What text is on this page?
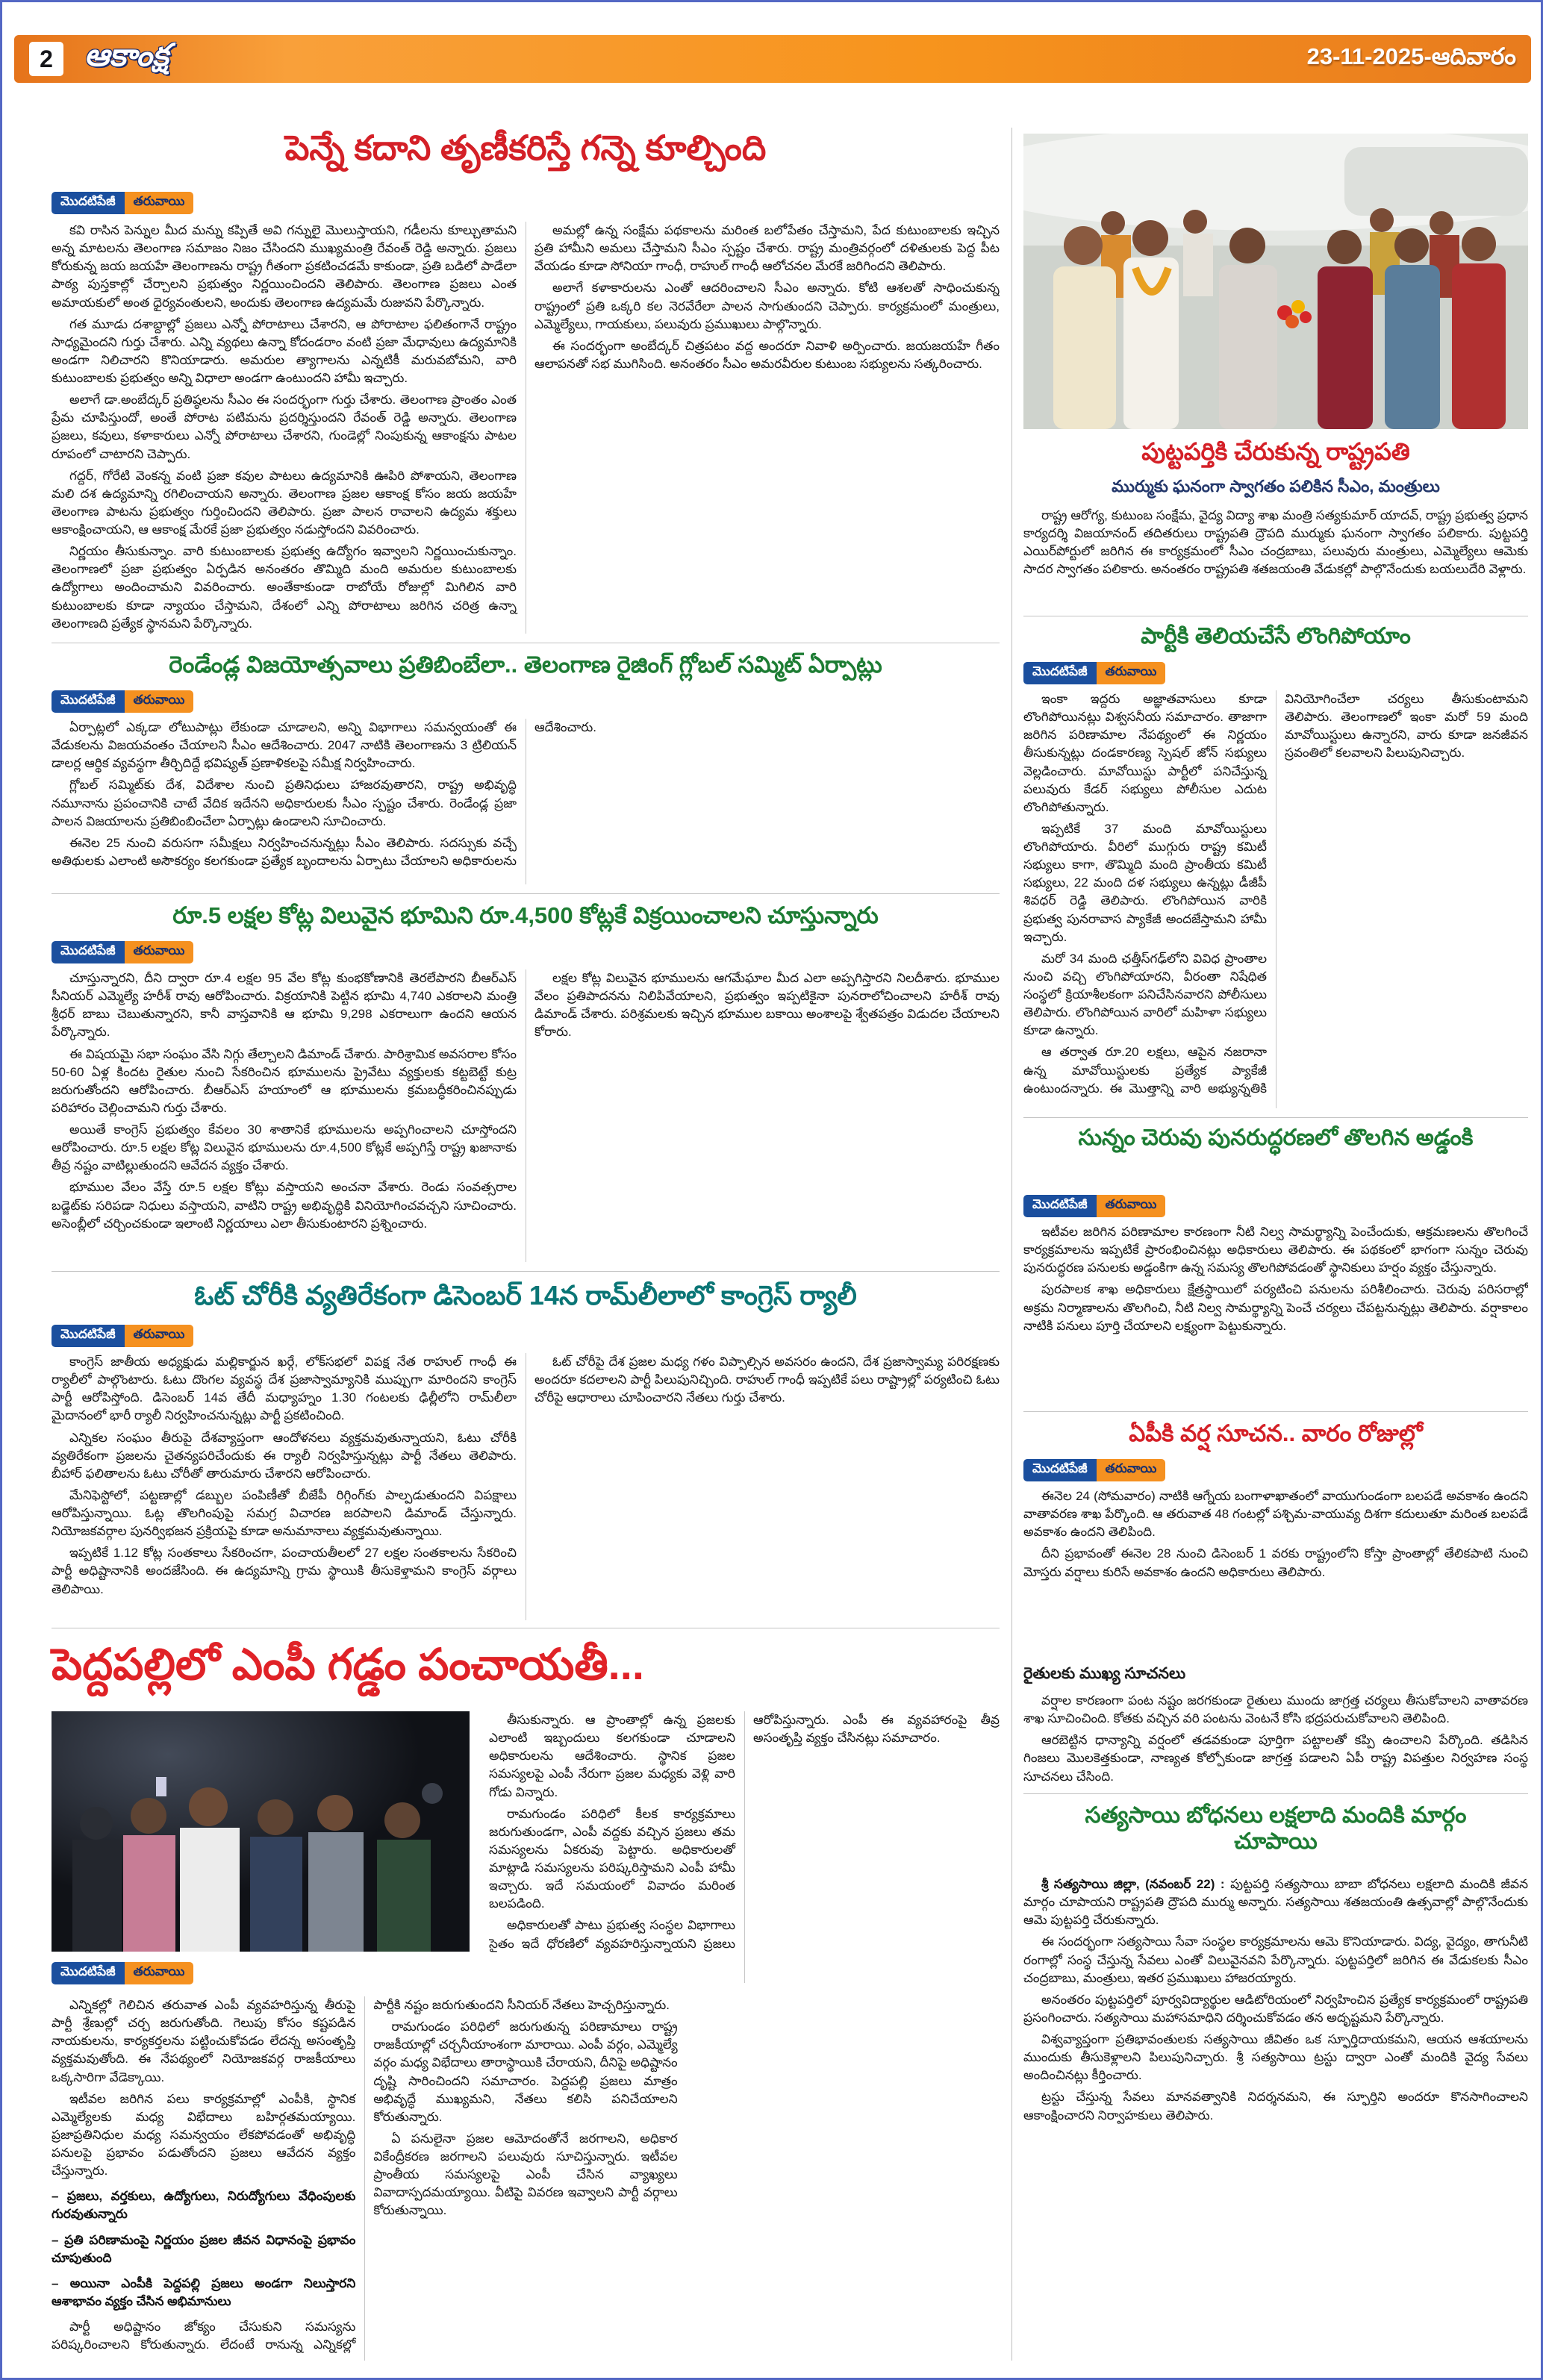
2	ఆకాంక్ష	23-11-2025-ఆదివారం
పెన్నే కదాని తృణీకరిస్తే గన్నె కూల్చింది
మొదటిపేజీ	తరువాయి

కవి రాసిన పెన్నుల మీద మన్ను కప్పితే అవి గన్నులై మొలుస్తాయని, గడీలను కూల్చుతామని అన్న మాటలను తెలంగాణ సమాజం నిజం చేసిందని ముఖ్యమంత్రి రేవంత్ రెడ్డి అన్నారు. ప్రజలు కోరుకున్న జయ జయహే తెలంగాణను రాష్ట్ర గీతంగా ప్రకటించడమే కాకుండా, ప్రతి బడిలో పాడేలా పాఠ్య పుస్తకాల్లో చేర్చాలని ప్రభుత్వం నిర్ణయించిందని తెలిపారు. తెలంగాణ ప్రజలు ఎంత అమాయకులో అంత ధైర్యవంతులని, అందుకు తెలంగాణ ఉద్యమమే రుజువని పేర్కొన్నారు.

గత మూడు దశాబ్దాల్లో ప్రజలు ఎన్నో పోరాటాలు చేశారని, ఆ పోరాటాల ఫలితంగానే రాష్ట్రం సాధ్యమైందని గుర్తు చేశారు. ఎన్ని వ్యథలు ఉన్నా కోదండరాం వంటి ప్రజా మేధావులు ఉద్యమానికి అండగా నిలిచారని కొనియాడారు. అమరుల త్యాగాలను ఎన్నటికీ మరువబోమని, వారి కుటుంబాలకు ప్రభుత్వం అన్ని విధాలా అండగా ఉంటుందని హామీ ఇచ్చారు.

అలాగే డా.అంబేద్కర్ ప్రతిష్ఠలను సీఎం ఈ సందర్భంగా గుర్తు చేశారు. తెలంగాణ ప్రాంతం ఎంత ప్రేమ చూపిస్తుందో, అంతే పోరాట పటిమను ప్రదర్శిస్తుందని రేవంత్ రెడ్డి అన్నారు. తెలంగాణ ప్రజలు, కవులు, కళాకారులు ఎన్నో పోరాటాలు చేశారని, గుండెల్లో నింపుకున్న ఆకాంక్షను పాటల రూపంలో చాటారని చెప్పారు.

గద్దర్, గోరేటి వెంకన్న వంటి ప్రజా కవుల పాటలు ఉద్యమానికి ఊపిరి పోశాయని, తెలంగాణ మలి దశ ఉద్యమాన్ని రగిలించాయని అన్నారు. తెలంగాణ ప్రజల ఆకాంక్ష కోసం జయ జయహే తెలంగాణ పాటను ప్రభుత్వం గుర్తించిందని తెలిపారు. ప్రజా పాలన రావాలని ఉద్యమ శక్తులు ఆకాంక్షించాయని, ఆ ఆకాంక్ష మేరకే ప్రజా ప్రభుత్వం నడుస్తోందని వివరించారు.

నిర్ణయం తీసుకున్నాం. వారి కుటుంబాలకు ప్రభుత్వ ఉద్యోగం ఇవ్వాలని నిర్ణయించుకున్నాం. తెలంగాణలో ప్రజా ప్రభుత్వం ఏర్పడిన అనంతరం తొమ్మిది మంది అమరుల కుటుంబాలకు ఉద్యోగాలు అందించామని వివరించారు. అంతేకాకుండా రాబోయే రోజుల్లో మిగిలిన వారి కుటుంబాలకు కూడా న్యాయం చేస్తామని, దేశంలో ఎన్ని పోరాటాలు జరిగిన చరిత్ర ఉన్నా తెలంగాణది ప్రత్యేక స్థానమని పేర్కొన్నారు.

అమల్లో ఉన్న సంక్షేమ పథకాలను మరింత బలోపేతం చేస్తామని, పేద కుటుంబాలకు ఇచ్చిన ప్రతి హామీని అమలు చేస్తామని సీఎం స్పష్టం చేశారు. రాష్ట్ర మంత్రివర్గంలో దళితులకు పెద్ద పీట వేయడం కూడా సోనియా గాంధీ, రాహుల్ గాంధీ ఆలోచనల మేరకే జరిగిందని తెలిపారు.

అలాగే కళాకారులను ఎంతో ఆదరించాలని సీఎం అన్నారు. కోటి ఆశలతో సాధించుకున్న రాష్ట్రంలో ప్రతి ఒక్కరి కల నెరవేరేలా పాలన సాగుతుందని చెప్పారు. కార్యక్రమంలో మంత్రులు, ఎమ్మెల్యేలు, గాయకులు, పలువురు ప్రముఖులు పాల్గొన్నారు.

ఈ సందర్భంగా అంబేద్కర్ చిత్రపటం వద్ద అందరూ నివాళి అర్పించారు. జయజయహే గీతం ఆలాపనతో సభ ముగిసింది. అనంతరం సీఎం అమరవీరుల కుటుంబ సభ్యులను సత్కరించారు.

రెండేండ్ల విజయోత్సవాలు ప్రతిబింబేలా.. తెలంగాణ రైజింగ్ గ్లోబల్ సమ్మిట్ ఏర్పాట్లు
మొదటిపేజీ	తరువాయి

ఏర్పాట్లలో ఎక్కడా లోటుపాట్లు లేకుండా చూడాలని, అన్ని విభాగాలు సమన్వయంతో ఈ వేడుకలను విజయవంతం చేయాలని సీఎం ఆదేశించారు. 2047 నాటికి తెలంగాణను 3 ట్రిలియన్ డాలర్ల ఆర్థిక వ్యవస్థగా తీర్చిదిద్దే భవిష్యత్ ప్రణాళికలపై సమీక్ష నిర్వహించారు.

గ్లోబల్ సమ్మిట్‌కు దేశ, విదేశాల నుంచి ప్రతినిధులు హాజరవుతారని, రాష్ట్ర అభివృద్ధి నమూనాను ప్రపంచానికి చాటే వేదిక ఇదేనని అధికారులకు సీఎం స్పష్టం చేశారు. రెండేండ్ల ప్రజా పాలన విజయాలను ప్రతిబింబించేలా ఏర్పాట్లు ఉండాలని సూచించారు.

ఈనెల 25 నుంచి వరుసగా సమీక్షలు నిర్వహించనున్నట్లు సీఎం తెలిపారు. సదస్సుకు వచ్చే అతిథులకు ఎలాంటి అసౌకర్యం కలగకుండా ప్రత్యేక బృందాలను ఏర్పాటు చేయాలని అధికారులను ఆదేశించారు.

రూ.5 లక్షల కోట్ల విలువైన భూమిని రూ.4,500 కోట్లకే విక్రయించాలని చూస్తున్నారు
మొదటిపేజీ	తరువాయి

చూస్తున్నారని, దీని ద్వారా రూ.4 లక్షల 95 వేల కోట్ల కుంభకోణానికి తెరలేపారని బీఆర్ఎస్ సీనియర్ ఎమ్మెల్యే హరీశ్ రావు ఆరోపించారు. విక్రయానికి పెట్టిన భూమి 4,740 ఎకరాలని మంత్రి శ్రీధర్ బాబు చెబుతున్నారని, కానీ వాస్తవానికి ఆ భూమి 9,298 ఎకరాలుగా ఉందని ఆయన పేర్కొన్నారు.

ఈ విషయమై సభా సంఘం వేసి నిగ్గు తేల్చాలని డిమాండ్ చేశారు. పారిశ్రామిక అవసరాల కోసం 50-60 ఏళ్ల కిందట రైతుల నుంచి సేకరించిన భూములను ప్రైవేటు వ్యక్తులకు కట్టబెట్టే కుట్ర జరుగుతోందని ఆరోపించారు. బీఆర్ఎస్ హయాంలో ఆ భూములను క్రమబద్ధీకరించినప్పుడు పరిహారం చెల్లించామని గుర్తు చేశారు.

అయితే కాంగ్రెస్ ప్రభుత్వం కేవలం 30 శాతానికే భూములను అప్పగించాలని చూస్తోందని ఆరోపించారు. రూ.5 లక్షల కోట్ల విలువైన భూములను రూ.4,500 కోట్లకే అప్పగిస్తే రాష్ట్ర ఖజానాకు తీవ్ర నష్టం వాటిల్లుతుందని ఆవేదన వ్యక్తం చేశారు.

భూముల వేలం వేస్తే రూ.5 లక్షల కోట్లు వస్తాయని అంచనా వేశారు. రెండు సంవత్సరాల బడ్జెట్‌కు సరిపడా నిధులు వస్తాయని, వాటిని రాష్ట్ర అభివృద్ధికి వినియోగించవచ్చని సూచించారు. అసెంబ్లీలో చర్చించకుండా ఇలాంటి నిర్ణయాలు ఎలా తీసుకుంటారని ప్రశ్నించారు.

లక్షల కోట్ల విలువైన భూములను ఆగమేఘాల మీద ఎలా అప్పగిస్తారని నిలదీశారు. భూముల వేలం ప్రతిపాదనను నిలిపివేయాలని, ప్రభుత్వం ఇప్పటికైనా పునరాలోచించాలని హరీశ్ రావు డిమాండ్ చేశారు. పరిశ్రమలకు ఇచ్చిన భూముల బకాయి అంశాలపై శ్వేతపత్రం విడుదల చేయాలని కోరారు.

ఓట్ చోరీకి వ్యతిరేకంగా డిసెంబర్ 14న రామ్‌లీలాలో కాంగ్రెస్ ర్యాలీ
మొదటిపేజీ	తరువాయి

కాంగ్రెస్ జాతీయ అధ్యక్షుడు మల్లికార్జున ఖర్గే, లోక్‌సభలో విపక్ష నేత రాహుల్ గాంధీ ఈ ర్యాలీలో పాల్గొంటారు. ఓటు దొంగల వ్యవస్థ దేశ ప్రజాస్వామ్యానికి ముప్పుగా మారిందని కాంగ్రెస్ పార్టీ ఆరోపిస్తోంది. డిసెంబర్ 14వ తేదీ మధ్యాహ్నం 1.30 గంటలకు ఢిల్లీలోని రామ్‌లీలా మైదానంలో భారీ ర్యాలీ నిర్వహించనున్నట్లు పార్టీ ప్రకటించింది.

ఎన్నికల సంఘం తీరుపై దేశవ్యాప్తంగా ఆందోళనలు వ్యక్తమవుతున్నాయని, ఓటు చోరీకి వ్యతిరేకంగా ప్రజలను చైతన్యపరిచేందుకు ఈ ర్యాలీ నిర్వహిస్తున్నట్లు పార్టీ నేతలు తెలిపారు. బీహార్ ఫలితాలను ఓటు చోరీతో తారుమారు చేశారని ఆరోపించారు.

మేనిఫెస్టోలో, పట్టణాల్లో డబ్బుల పంపిణీతో బీజేపీ రిగ్గింగ్‌కు పాల్పడుతుందని విపక్షాలు ఆరోపిస్తున్నాయి. ఓట్ల తొలగింపుపై సమగ్ర విచారణ జరపాలని డిమాండ్ చేస్తున్నారు. నియోజకవర్గాల పునర్విభజన ప్రక్రియపై కూడా అనుమానాలు వ్యక్తమవుతున్నాయి.

ఇప్పటికే 1.12 కోట్ల సంతకాలు సేకరించగా, పంచాయతీలలో 27 లక్షల సంతకాలను సేకరించి పార్టీ అధిష్టానానికి అందజేసింది. ఈ ఉద్యమాన్ని గ్రామ స్థాయికి తీసుకెళ్తామని కాంగ్రెస్ వర్గాలు తెలిపాయి.

ఓట్ చోరీపై దేశ ప్రజల మధ్య గళం విప్పాల్సిన అవసరం ఉందని, దేశ ప్రజాస్వామ్య పరిరక్షణకు అందరూ కదలాలని పార్టీ పిలుపునిచ్చింది. రాహుల్ గాంధీ ఇప్పటికే పలు రాష్ట్రాల్లో పర్యటించి ఓటు చోరీపై ఆధారాలు చూపించారని నేతలు గుర్తు చేశారు.

పెద్దపల్లిలో ఎంపీ గడ్డం పంచాయతీ...
మొదటిపేజీ	తరువాయి

తీసుకున్నారు. ఆ ప్రాంతాల్లో ఉన్న ప్రజలకు ఎలాంటి ఇబ్బందులు కలగకుండా చూడాలని అధికారులను ఆదేశించారు. స్థానిక ప్రజల సమస్యలపై ఎంపీ నేరుగా ప్రజల మధ్యకు వెళ్లి వారి గోడు విన్నారు.

రామగుండం పరిధిలో కీలక కార్యక్రమాలు జరుగుతుండగా, ఎంపీ వద్దకు వచ్చిన ప్రజలు తమ సమస్యలను ఏకరువు పెట్టారు. అధికారులతో మాట్లాడి సమస్యలను పరిష్కరిస్తామని ఎంపీ హామీ ఇచ్చారు. ఇదే సమయంలో వివాదం మరింత బలపడింది.

అధికారులతో పాటు ప్రభుత్వ సంస్థల విభాగాలు సైతం ఇదే ధోరణిలో వ్యవహరిస్తున్నాయని ప్రజలు ఆరోపిస్తున్నారు. ఎంపీ ఈ వ్యవహారంపై తీవ్ర అసంతృప్తి వ్యక్తం చేసినట్లు సమాచారం.

ఎన్నికల్లో గెలిచిన తరువాత ఎంపీ వ్యవహరిస్తున్న తీరుపై పార్టీ శ్రేణుల్లో చర్చ జరుగుతోంది. గెలుపు కోసం కష్టపడిన నాయకులను, కార్యకర్తలను పట్టించుకోవడం లేదన్న అసంతృప్తి వ్యక్తమవుతోంది. ఈ నేపథ్యంలో నియోజకవర్గ రాజకీయాలు ఒక్కసారిగా వేడెక్కాయి.

ఇటీవల జరిగిన పలు కార్యక్రమాల్లో ఎంపీకి, స్థానిక ఎమ్మెల్యేలకు మధ్య విభేదాలు బహిర్గతమయ్యాయి. ప్రజాప్రతినిధుల మధ్య సమన్వయం లేకపోవడంతో అభివృద్ధి పనులపై ప్రభావం పడుతోందని ప్రజలు ఆవేదన వ్యక్తం చేస్తున్నారు.

– ప్రజలు, వర్తకులు, ఉద్యోగులు, నిరుద్యోగులు వేధింపులకు గురవుతున్నారు

– ప్రతి పరిణామంపై నిర్ణయం ప్రజల జీవన విధానంపై ప్రభావం చూపుతుంది

– అయినా ఎంపీకి పెద్దపల్లి ప్రజలు అండగా నిలుస్తారని ఆశాభావం వ్యక్తం చేసిన అభిమానులు

పార్టీ అధిష్టానం జోక్యం చేసుకుని సమస్యను పరిష్కరించాలని కోరుతున్నారు. లేదంటే రానున్న ఎన్నికల్లో పార్టీకి నష్టం జరుగుతుందని సీనియర్ నేతలు హెచ్చరిస్తున్నారు.

రామగుండం పరిధిలో జరుగుతున్న పరిణామాలు రాష్ట్ర రాజకీయాల్లో చర్చనీయాంశంగా మారాయి. ఎంపీ వర్గం, ఎమ్మెల్యే వర్గం మధ్య విభేదాలు తారాస్థాయికి చేరాయని, దీనిపై అధిష్టానం దృష్టి సారించిందని సమాచారం. పెద్దపల్లి ప్రజలు మాత్రం అభివృద్ధే ముఖ్యమని, నేతలు కలిసి పనిచేయాలని కోరుతున్నారు.

ఏ పనులైనా ప్రజల ఆమోదంతోనే జరగాలని, అధికార వికేంద్రీకరణ జరగాలని పలువురు సూచిస్తున్నారు. ఇటీవల ప్రాంతీయ సమస్యలపై ఎంపీ చేసిన వ్యాఖ్యలు వివాదాస్పదమయ్యాయి. వీటిపై వివరణ ఇవ్వాలని పార్టీ వర్గాలు కోరుతున్నాయి.

పుట్టపర్తికి చేరుకున్న రాష్ట్రపతి
ముర్ముకు ఘనంగా స్వాగతం పలికిన సీఎం, మంత్రులు

రాష్ట్ర ఆరోగ్య, కుటుంబ సంక్షేమ, వైద్య విద్యా శాఖ మంత్రి సత్యకుమార్ యాదవ్, రాష్ట్ర ప్రభుత్వ ప్రధాన కార్యదర్శి విజయానంద్ తదితరులు రాష్ట్రపతి ద్రౌపది ముర్ముకు ఘనంగా స్వాగతం పలికారు. పుట్టపర్తి ఎయిర్‌పోర్టులో జరిగిన ఈ కార్యక్రమంలో సీఎం చంద్రబాబు, పలువురు మంత్రులు, ఎమ్మెల్యేలు ఆమెకు సాదర స్వాగతం పలికారు. అనంతరం రాష్ట్రపతి శతజయంతి వేడుకల్లో పాల్గొనేందుకు బయలుదేరి వెళ్లారు.

పార్టీకి తెలియచేసే లొంగిపోయాం
మొదటిపేజీ	తరువాయి

ఇంకా ఇద్దరు అజ్ఞాతవాసులు కూడా లొంగిపోయినట్లు విశ్వసనీయ సమాచారం. తాజాగా జరిగిన పరిణామాల నేపథ్యంలో ఈ నిర్ణయం తీసుకున్నట్లు దండకారణ్య స్పెషల్ జోన్ సభ్యులు వెల్లడించారు. మావోయిస్టు పార్టీలో పనిచేస్తున్న పలువురు కేడర్ సభ్యులు పోలీసుల ఎదుట లొంగిపోతున్నారు.

ఇప్పటికే 37 మంది మావోయిస్టులు లొంగిపోయారు. వీరిలో ముగ్గురు రాష్ట్ర కమిటీ సభ్యులు కాగా, తొమ్మిది మంది ప్రాంతీయ కమిటీ సభ్యులు, 22 మంది దళ సభ్యులు ఉన్నట్లు డీజీపీ శివధర్ రెడ్డి తెలిపారు. లొంగిపోయిన వారికి ప్రభుత్వ పునరావాస ప్యాకేజీ అందజేస్తామని హామీ ఇచ్చారు.

మరో 34 మంది ఛత్తీస్‌గఢ్‌లోని వివిధ ప్రాంతాల నుంచి వచ్చి లొంగిపోయారని, వీరంతా నిషేధిత సంస్థలో క్రియాశీలకంగా పనిచేసినవారని పోలీసులు తెలిపారు. లొంగిపోయిన వారిలో మహిళా సభ్యులు కూడా ఉన్నారు.

ఆ తర్వాత రూ.20 లక్షలు, ఆపైన నజరానా ఉన్న మావోయిస్టులకు ప్రత్యేక ప్యాకేజీ ఉంటుందన్నారు. ఈ మొత్తాన్ని వారి అభ్యున్నతికి వినియోగించేలా చర్యలు తీసుకుంటామని తెలిపారు. తెలంగాణలో ఇంకా మరో 59 మంది మావోయిస్టులు ఉన్నారని, వారు కూడా జనజీవన స్రవంతిలో కలవాలని పిలుపునిచ్చారు.

సున్నం చెరువు పునరుద్ధరణలో తొలగిన అడ్డంకి
మొదటిపేజీ	తరువాయి

ఇటీవల జరిగిన పరిణామాల కారణంగా నీటి నిల్వ సామర్థ్యాన్ని పెంచేందుకు, ఆక్రమణలను తొలగించే కార్యక్రమాలను ఇప్పటికే ప్రారంభించినట్లు అధికారులు తెలిపారు. ఈ పథకంలో భాగంగా సున్నం చెరువు పునరుద్ధరణ పనులకు అడ్డంకిగా ఉన్న సమస్య తొలగిపోవడంతో స్థానికులు హర్షం వ్యక్తం చేస్తున్నారు.

పురపాలక శాఖ అధికారులు క్షేత్రస్థాయిలో పర్యటించి పనులను పరిశీలించారు. చెరువు పరిసరాల్లో అక్రమ నిర్మాణాలను తొలగించి, నీటి నిల్వ సామర్థ్యాన్ని పెంచే చర్యలు చేపట్టనున్నట్లు తెలిపారు. వర్షాకాలం నాటికి పనులు పూర్తి చేయాలని లక్ష్యంగా పెట్టుకున్నారు.

ఏపీకి వర్ష సూచన.. వారం రోజుల్లో
మొదటిపేజీ	తరువాయి

ఈనెల 24 (సోమవారం) నాటికి ఆగ్నేయ బంగాళాఖాతంలో వాయుగుండంగా బలపడే అవకాశం ఉందని వాతావరణ శాఖ పేర్కొంది. ఆ తరువాత 48 గంటల్లో పశ్చిమ-వాయువ్య దిశగా కదులుతూ మరింత బలపడే అవకాశం ఉందని తెలిపింది.

దీని ప్రభావంతో ఈనెల 28 నుంచి డిసెంబర్ 1 వరకు రాష్ట్రంలోని కోస్తా ప్రాంతాల్లో తేలికపాటి నుంచి మోస్తరు వర్షాలు కురిసే అవకాశం ఉందని అధికారులు తెలిపారు.

రైతులకు ముఖ్య సూచనలు

వర్షాల కారణంగా పంట నష్టం జరగకుండా రైతులు ముందు జాగ్రత్త చర్యలు తీసుకోవాలని వాతావరణ శాఖ సూచించింది. కోతకు వచ్చిన వరి పంటను వెంటనే కోసి భద్రపరుచుకోవాలని తెలిపింది.

ఆరబెట్టిన ధాన్యాన్ని వర్షంలో తడవకుండా పూర్తిగా పట్టాలతో కప్పి ఉంచాలని పేర్కొంది. తడిసిన గింజలు మొలకెత్తకుండా, నాణ్యత కోల్పోకుండా జాగ్రత్త పడాలని ఏపీ రాష్ట్ర విపత్తుల నిర్వహణ సంస్థ సూచనలు చేసింది.

సత్యసాయి బోధనలు లక్షలాది మందికి మార్గం చూపాయి

శ్రీ సత్యసాయి జిల్లా, (నవంబర్ 22) : పుట్టపర్తి సత్యసాయి బాబా బోధనలు లక్షలాది మందికి జీవన మార్గం చూపాయని రాష్ట్రపతి ద్రౌపది ముర్ము అన్నారు. సత్యసాయి శతజయంతి ఉత్సవాల్లో పాల్గొనేందుకు ఆమె పుట్టపర్తి చేరుకున్నారు.

ఈ సందర్భంగా సత్యసాయి సేవా సంస్థల కార్యక్రమాలను ఆమె కొనియాడారు. విద్య, వైద్యం, తాగునీటి రంగాల్లో సంస్థ చేస్తున్న సేవలు ఎంతో విలువైనవని పేర్కొన్నారు. పుట్టపర్తిలో జరిగిన ఈ వేడుకలకు సీఎం చంద్రబాబు, మంత్రులు, ఇతర ప్రముఖులు హాజరయ్యారు.

అనంతరం పుట్టపర్తిలో పూర్వవిద్యార్థుల ఆడిటోరియంలో నిర్వహించిన ప్రత్యేక కార్యక్రమంలో రాష్ట్రపతి ప్రసంగించారు. సత్యసాయి మహాసమాధిని దర్శించుకోవడం తన అదృష్టమని పేర్కొన్నారు.

విశ్వవ్యాప్తంగా ప్రతిభావంతులకు సత్యసాయి జీవితం ఒక స్ఫూర్తిదాయకమని, ఆయన ఆశయాలను ముందుకు తీసుకెళ్లాలని పిలుపునిచ్చారు. శ్రీ సత్యసాయి ట్రస్టు ద్వారా ఎంతో మందికి వైద్య సేవలు అందించినట్లు కీర్తించారు.

ట్రస్టు చేస్తున్న సేవలు మానవత్వానికి నిదర్శనమని, ఈ స్ఫూర్తిని అందరూ కొనసాగించాలని ఆకాంక్షించారని నిర్వాహకులు తెలిపారు.
